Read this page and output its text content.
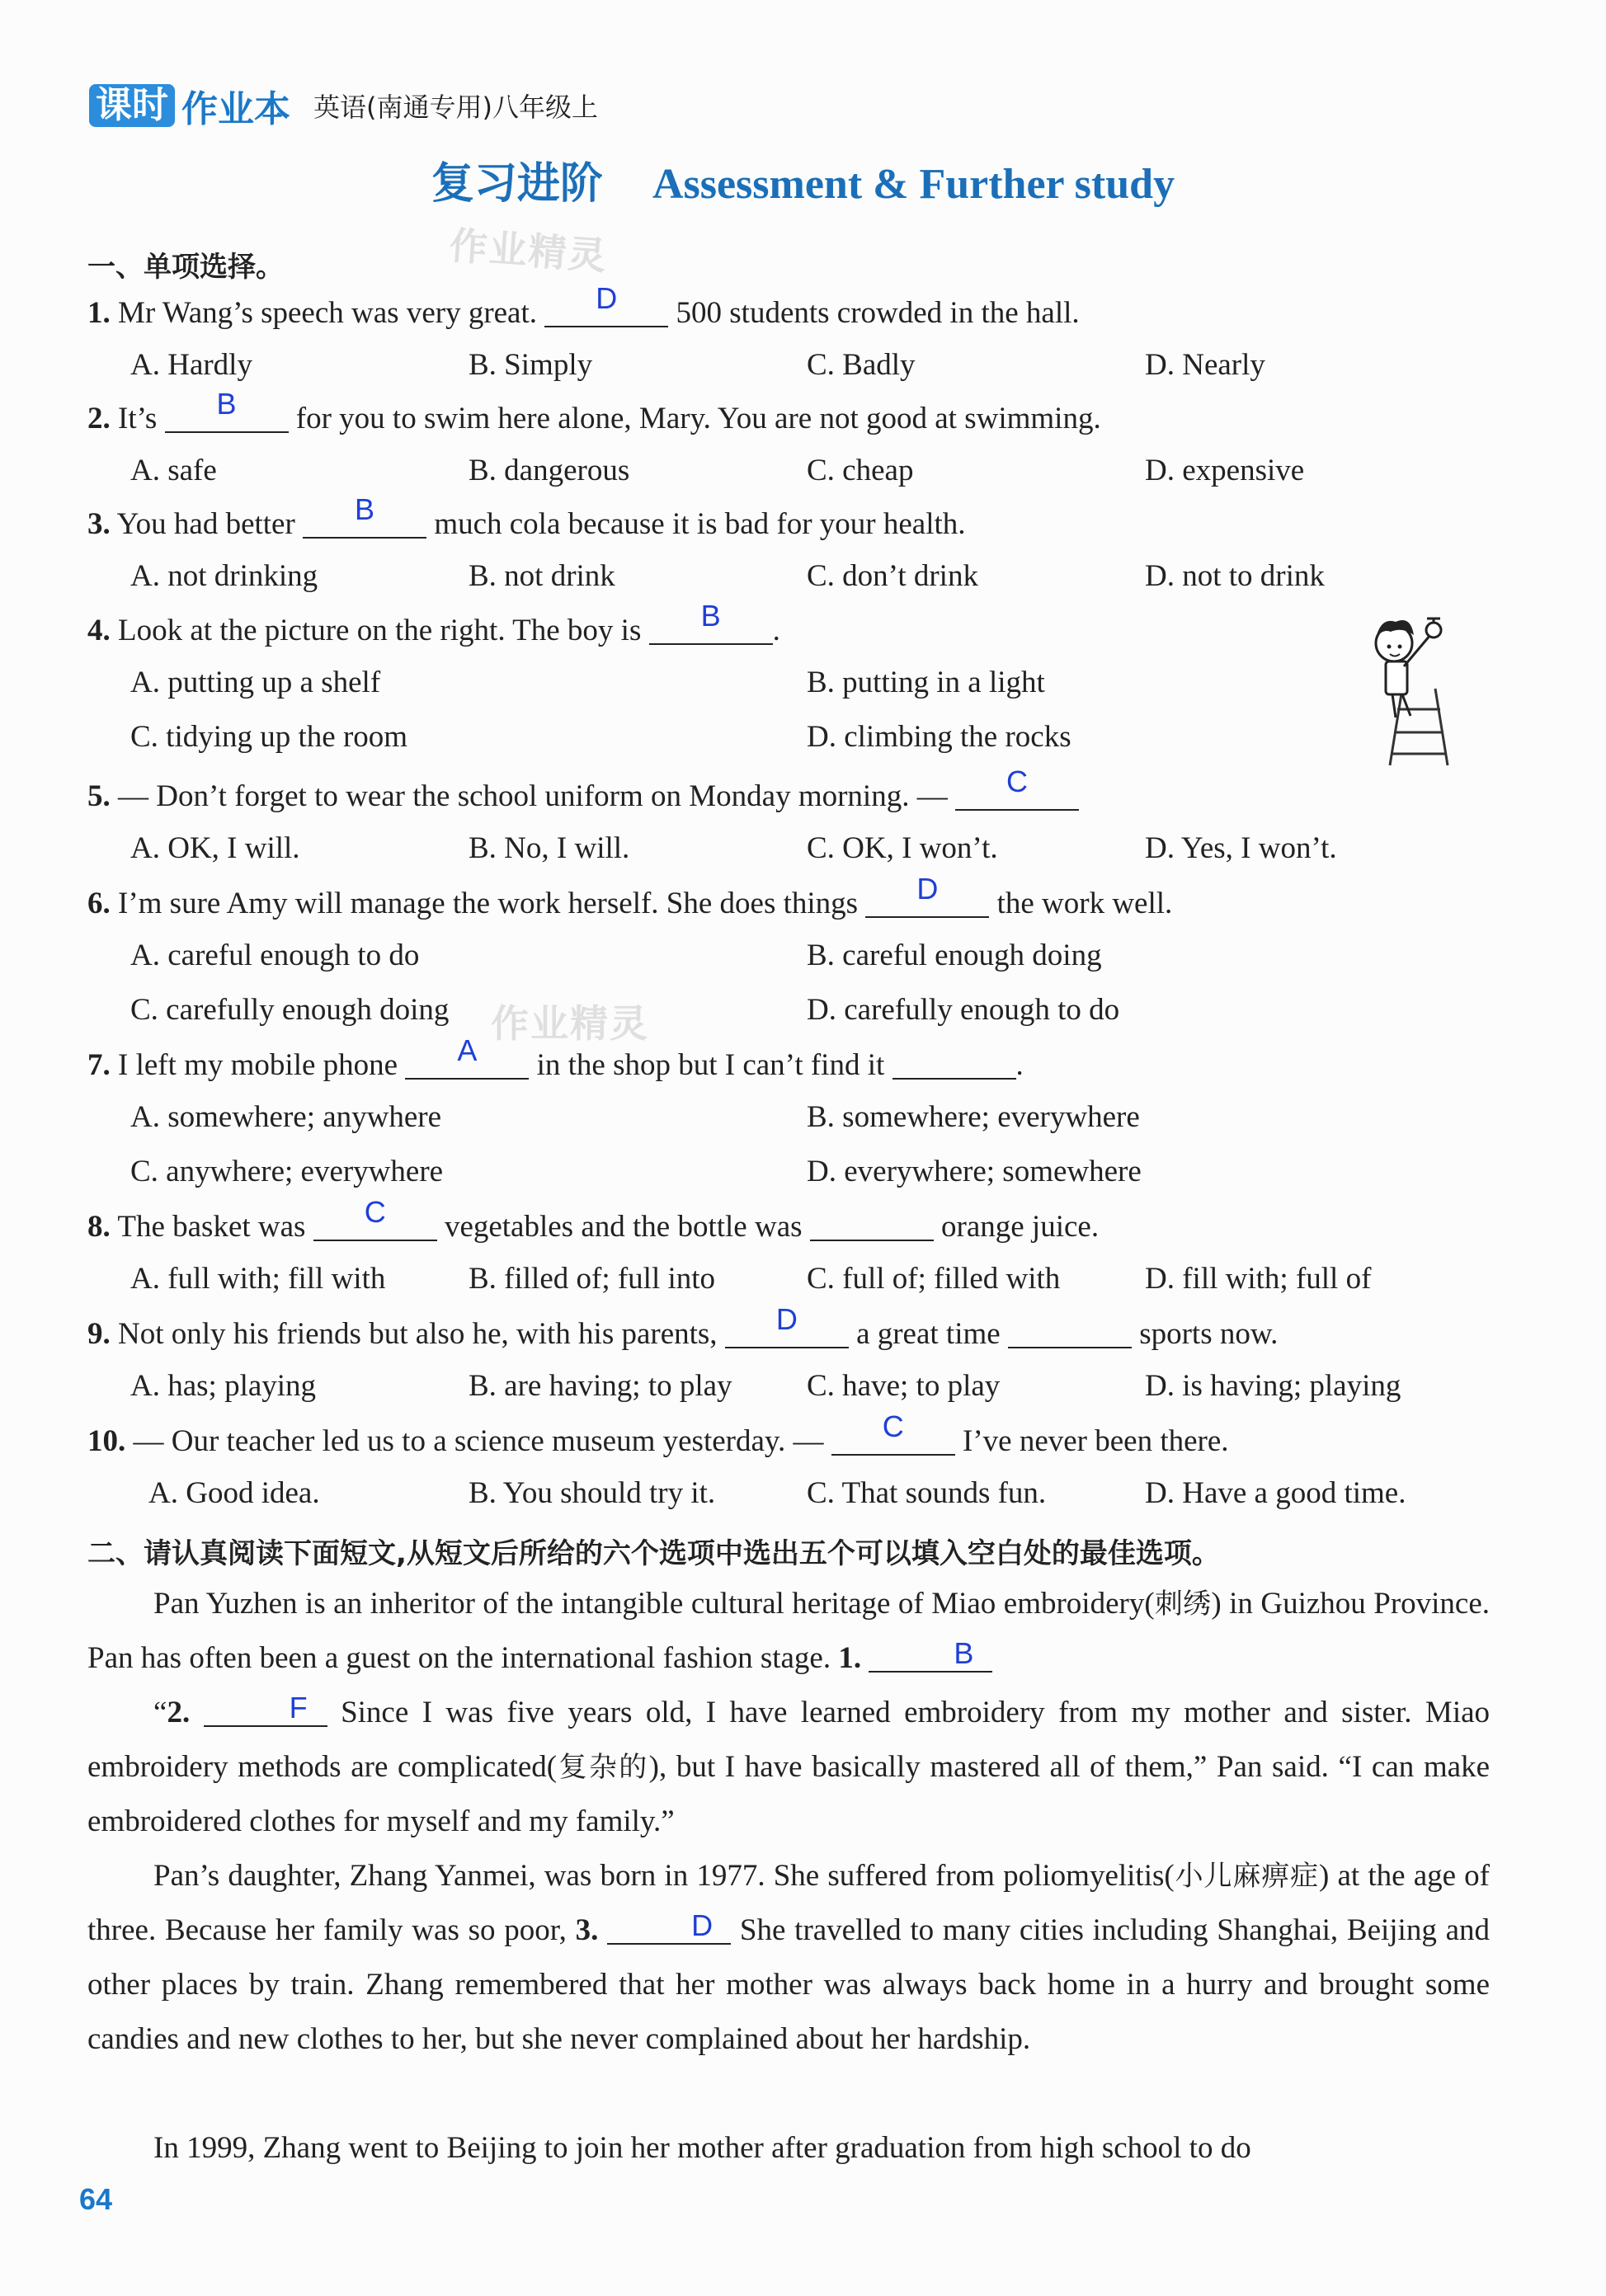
课时 作业本 英语(南通专用)八年级上
复习进阶 Assessment & Further study
作业精灵
作业精灵
一、单项选择。
1. Mr Wang’s speech was very great.	D	500 students crowded in the hall.
A. Hardly	B. Simply	C. Badly	D. Nearly
2. It’s	B	for you to swim here alone, Mary. You are not good at swimming.
A. safe	B. dangerous	C. cheap	D. expensive
3. You had better	B	much cola because it is bad for your health.
A. not drinking	B. not drink	C. don’t drink	D. not to drink
4. Look at the picture on the right. The boy is	B	.
A. putting up a shelf	B. putting in a light
C. tidying up the room	D. climbing the rocks
5. — Don’t forget to wear the school uniform on Monday morning. —	C
A. OK, I will.	B. No, I will.	C. OK, I won’t.	D. Yes, I won’t.
6. I’m sure Amy will manage the work herself. She does things	D	the work well.
A. careful enough to do	B. careful enough doing
C. carefully enough doing	D. carefully enough to do
7. I left my mobile phone	A	in the shop but I can’t find it	.
A. somewhere; anywhere	B. somewhere; everywhere
C. anywhere; everywhere	D. everywhere; somewhere
8. The basket was	C	vegetables and the bottle was	orange juice.
A. full with; fill with	B. filled of; full into	C. full of; filled with	D. fill with; full of
9. Not only his friends but also he, with his parents,	D	a great time	sports now.
A. has; playing	B. are having; to play C. have; to play	D. is having; playing
10. — Our teacher led us to a science museum yesterday. —	C	I’ve never been there.
A. Good idea.	B. You should try it.	C. That sounds fun.	D. Have a good time.
二、请认真阅读下面短文,从短文后所给的六个选项中选出五个可以填入空白处的最佳选项。
Pan Yuzhen is an inheritor of the intangible cultural heritage of Miao embroidery(刺绣) in Guizhou Province. Pan has often been a guest on the international fashion stage. 1.	B
“2.	F	Since I was five years old, I have learned embroidery from my mother and sister. Miao embroidery methods are complicated(复杂的), but I have basically mastered all of them,” Pan said. “I can make embroidered clothes for myself and my family.”
Pan’s daughter, Zhang Yanmei, was born in 1977. She suffered from poliomyelitis(小儿麻痹症) at the age of three. Because her family was so poor, 3.	D She travelled to many cities including Shanghai, Beijing and other places by train. Zhang remembered that her mother was always back home in a hurry and brought some candies and new clothes to her, but she never complained about her hardship.
In 1999, Zhang went to Beijing to join her mother after graduation from high school to do
64
